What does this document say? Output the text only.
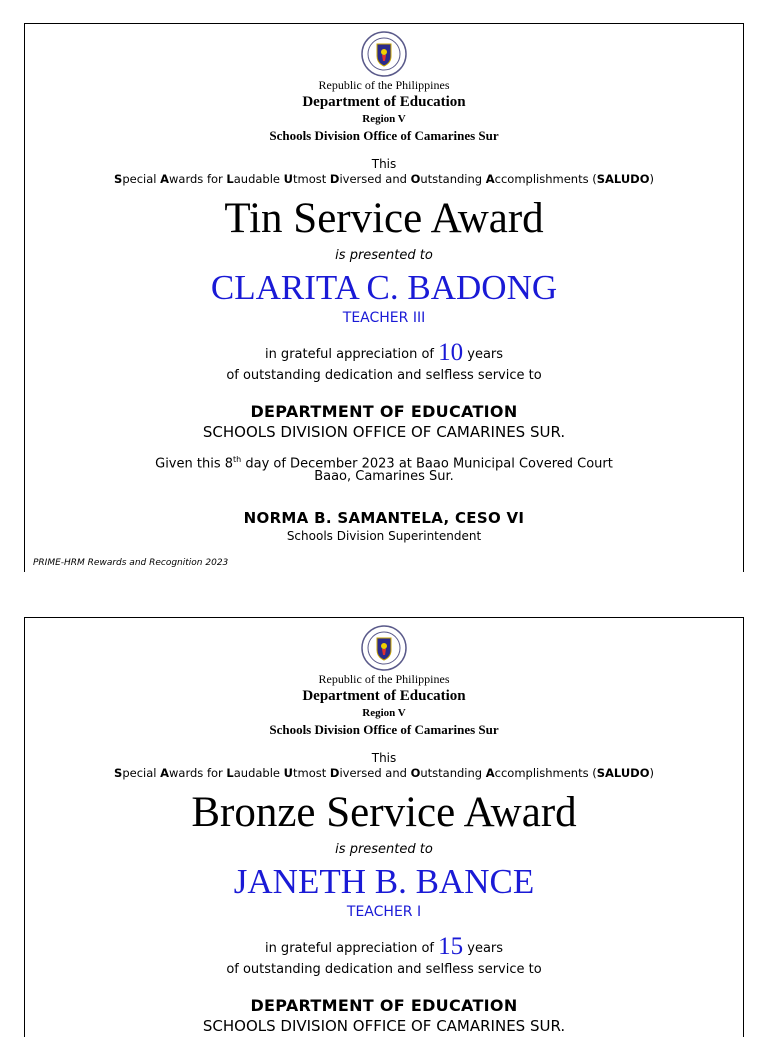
Republic of the Philippines
Department of Education
Region V
Schools Division Office of Camarines Sur
This
Special Awards for Laudable Utmost Diversed and Outstanding Accomplishments (SALUDO)
Tin Service Award
is presented to
CLARITA C. BADONG
TEACHER III
in grateful appreciation of 10 years
of outstanding dedication and selfless service to
DEPARTMENT OF EDUCATION
SCHOOLS DIVISION OFFICE OF CAMARINES SUR.
Given this 8th day of December 2023 at Baao Municipal Covered Court
Baao, Camarines Sur.
NORMA B. SAMANTELA, CESO VI
Schools Division Superintendent
PRIME-HRM Rewards and Recognition 2023
Republic of the Philippines
Department of Education
Region V
Schools Division Office of Camarines Sur
This
Special Awards for Laudable Utmost Diversed and Outstanding Accomplishments (SALUDO)
Bronze Service Award
is presented to
JANETH B. BANCE
TEACHER I
in grateful appreciation of 15 years
of outstanding dedication and selfless service to
DEPARTMENT OF EDUCATION
SCHOOLS DIVISION OFFICE OF CAMARINES SUR.
